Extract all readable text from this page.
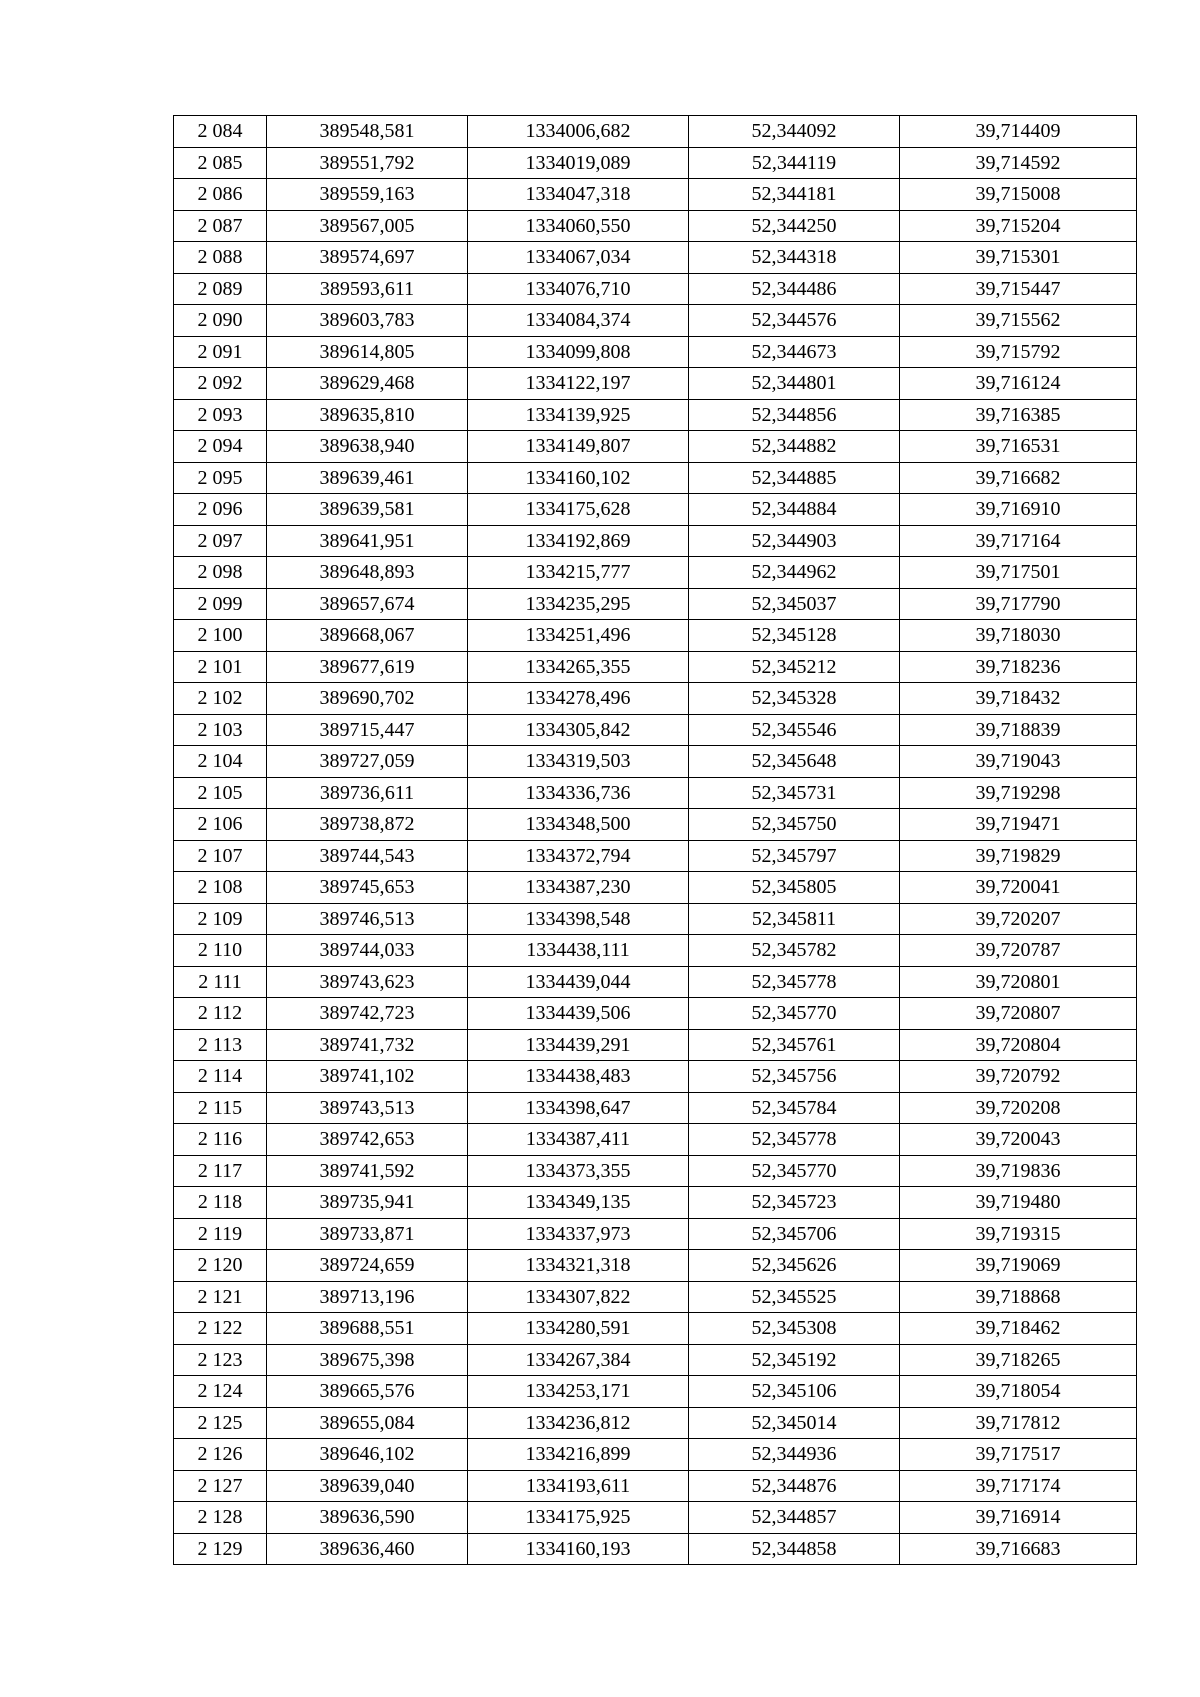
2 084	389548,581	1334006,682	52,344092	39,714409
2 085	389551,792	1334019,089	52,344119	39,714592
2 086	389559,163	1334047,318	52,344181	39,715008
2 087	389567,005	1334060,550	52,344250	39,715204
2 088	389574,697	1334067,034	52,344318	39,715301
2 089	389593,611	1334076,710	52,344486	39,715447
2 090	389603,783	1334084,374	52,344576	39,715562
2 091	389614,805	1334099,808	52,344673	39,715792
2 092	389629,468	1334122,197	52,344801	39,716124
2 093	389635,810	1334139,925	52,344856	39,716385
2 094	389638,940	1334149,807	52,344882	39,716531
2 095	389639,461	1334160,102	52,344885	39,716682
2 096	389639,581	1334175,628	52,344884	39,716910
2 097	389641,951	1334192,869	52,344903	39,717164
2 098	389648,893	1334215,777	52,344962	39,717501
2 099	389657,674	1334235,295	52,345037	39,717790
2 100	389668,067	1334251,496	52,345128	39,718030
2 101	389677,619	1334265,355	52,345212	39,718236
2 102	389690,702	1334278,496	52,345328	39,718432
2 103	389715,447	1334305,842	52,345546	39,718839
2 104	389727,059	1334319,503	52,345648	39,719043
2 105	389736,611	1334336,736	52,345731	39,719298
2 106	389738,872	1334348,500	52,345750	39,719471
2 107	389744,543	1334372,794	52,345797	39,719829
2 108	389745,653	1334387,230	52,345805	39,720041
2 109	389746,513	1334398,548	52,345811	39,720207
2 110	389744,033	1334438,111	52,345782	39,720787
2 111	389743,623	1334439,044	52,345778	39,720801
2 112	389742,723	1334439,506	52,345770	39,720807
2 113	389741,732	1334439,291	52,345761	39,720804
2 114	389741,102	1334438,483	52,345756	39,720792
2 115	389743,513	1334398,647	52,345784	39,720208
2 116	389742,653	1334387,411	52,345778	39,720043
2 117	389741,592	1334373,355	52,345770	39,719836
2 118	389735,941	1334349,135	52,345723	39,719480
2 119	389733,871	1334337,973	52,345706	39,719315
2 120	389724,659	1334321,318	52,345626	39,719069
2 121	389713,196	1334307,822	52,345525	39,718868
2 122	389688,551	1334280,591	52,345308	39,718462
2 123	389675,398	1334267,384	52,345192	39,718265
2 124	389665,576	1334253,171	52,345106	39,718054
2 125	389655,084	1334236,812	52,345014	39,717812
2 126	389646,102	1334216,899	52,344936	39,717517
2 127	389639,040	1334193,611	52,344876	39,717174
2 128	389636,590	1334175,925	52,344857	39,716914
2 129	389636,460	1334160,193	52,344858	39,716683
